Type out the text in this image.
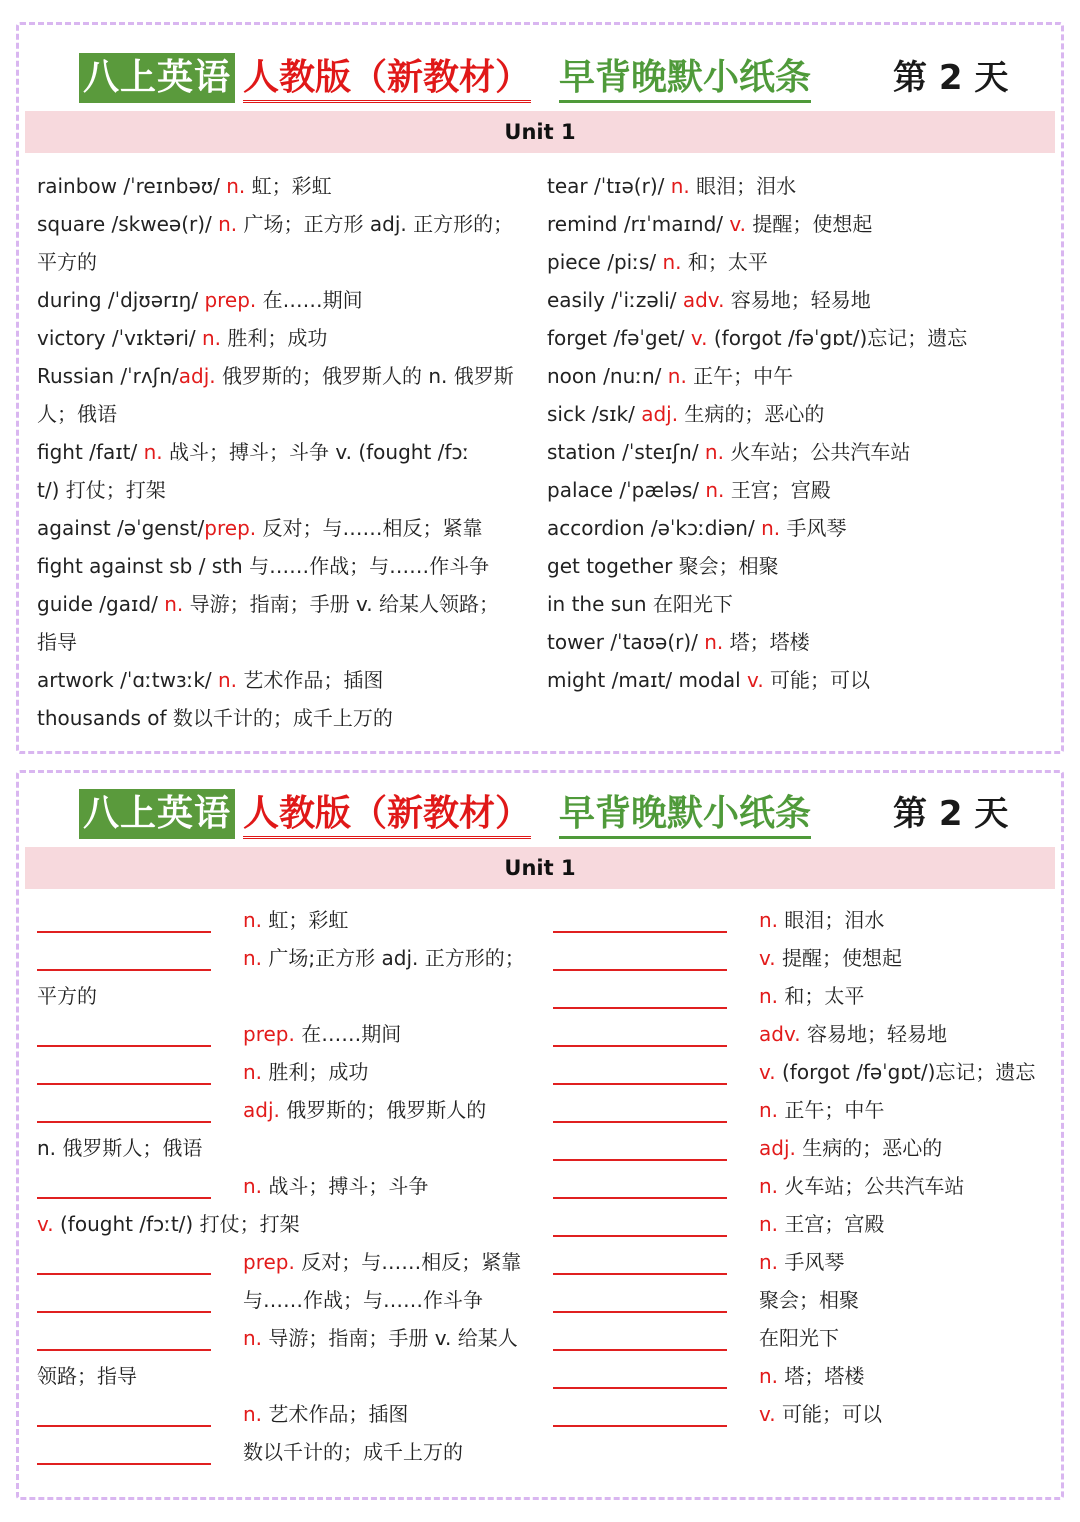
八上英语 人教版（新教材） 早背晚默小纸条 第 2 天
Unit 1
rainbow /ˈreɪnbəʊ/ n. 虹；彩虹
square /skweə(r)/ n. 广场；正方形 adj. 正方形的；
平方的
during /ˈdjʊərɪŋ/ prep. 在……期间
victory /ˈvɪktəri/ n. 胜利；成功
Russian /ˈrʌʃn/adj. 俄罗斯的；俄罗斯人的 n. 俄罗斯
人；俄语
fight /faɪt/ n. 战斗；搏斗；斗争 v. (fought /fɔː
t/) 打仗；打架
against /əˈgenst/prep. 反对；与……相反；紧靠
fight against sb / sth 与……作战；与……作斗争
guide /gaɪd/ n. 导游；指南；手册 v. 给某人领路；
指导
artwork /ˈɑːtwɜːk/ n. 艺术作品；插图
thousands of 数以千计的；成千上万的
tear /ˈtɪə(r)/ n. 眼泪；泪水
remind /rɪˈmaɪnd/ v. 提醒；使想起
piece /piːs/ n. 和；太平
easily /ˈiːzəli/ adv. 容易地；轻易地
forget /fəˈget/ v. (forgot /fəˈgɒt/)忘记；遗忘
noon /nuːn/ n. 正午；中午
sick /sɪk/ adj. 生病的；恶心的
station /ˈsteɪʃn/ n. 火车站；公共汽车站
palace /ˈpæləs/ n. 王宫；宫殿
accordion /əˈkɔːdiən/ n. 手风琴
get together 聚会；相聚
in the sun 在阳光下
tower /ˈtaʊə(r)/ n. 塔；塔楼
might /maɪt/ modal v. 可能；可以
八上英语 人教版（新教材） 早背晚默小纸条 第 2 天
Unit 1
n. 虹；彩虹
n. 广场;正方形 adj. 正方形的；
平方的
prep. 在……期间
n. 胜利；成功
adj. 俄罗斯的；俄罗斯人的
n. 俄罗斯人；俄语
n. 战斗；搏斗；斗争
v. (fought /fɔːt/) 打仗；打架
prep. 反对；与……相反；紧靠
与……作战；与……作斗争
n. 导游；指南；手册 v. 给某人
领路；指导
n. 艺术作品；插图
数以千计的；成千上万的
n. 眼泪；泪水
v. 提醒；使想起
n. 和；太平
adv. 容易地；轻易地
v. (forgot /fəˈgɒt/)忘记；遗忘
n. 正午；中午
adj. 生病的；恶心的
n. 火车站；公共汽车站
n. 王宫；宫殿
n. 手风琴
聚会；相聚
在阳光下
n. 塔；塔楼
v. 可能；可以
